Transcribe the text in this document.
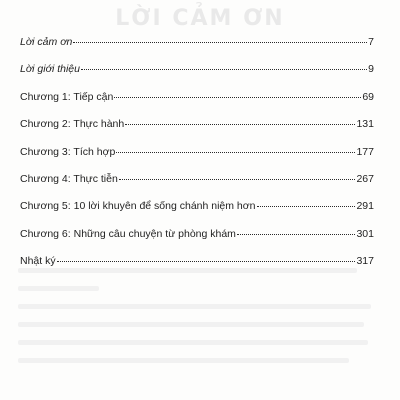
LỜI CẢM ƠN
Lời cảm ơn	7
Lời giới thiệu	9
Chương 1: Tiếp cận	69
Chương 2: Thực hành	131
Chương 3: Tích hợp	177
Chương 4: Thực tiễn	267
Chương 5: 10 lời khuyên để sống chánh niệm hơn	291
Chương 6: Những câu chuyện từ phòng khám	301
Nhật ký	317
